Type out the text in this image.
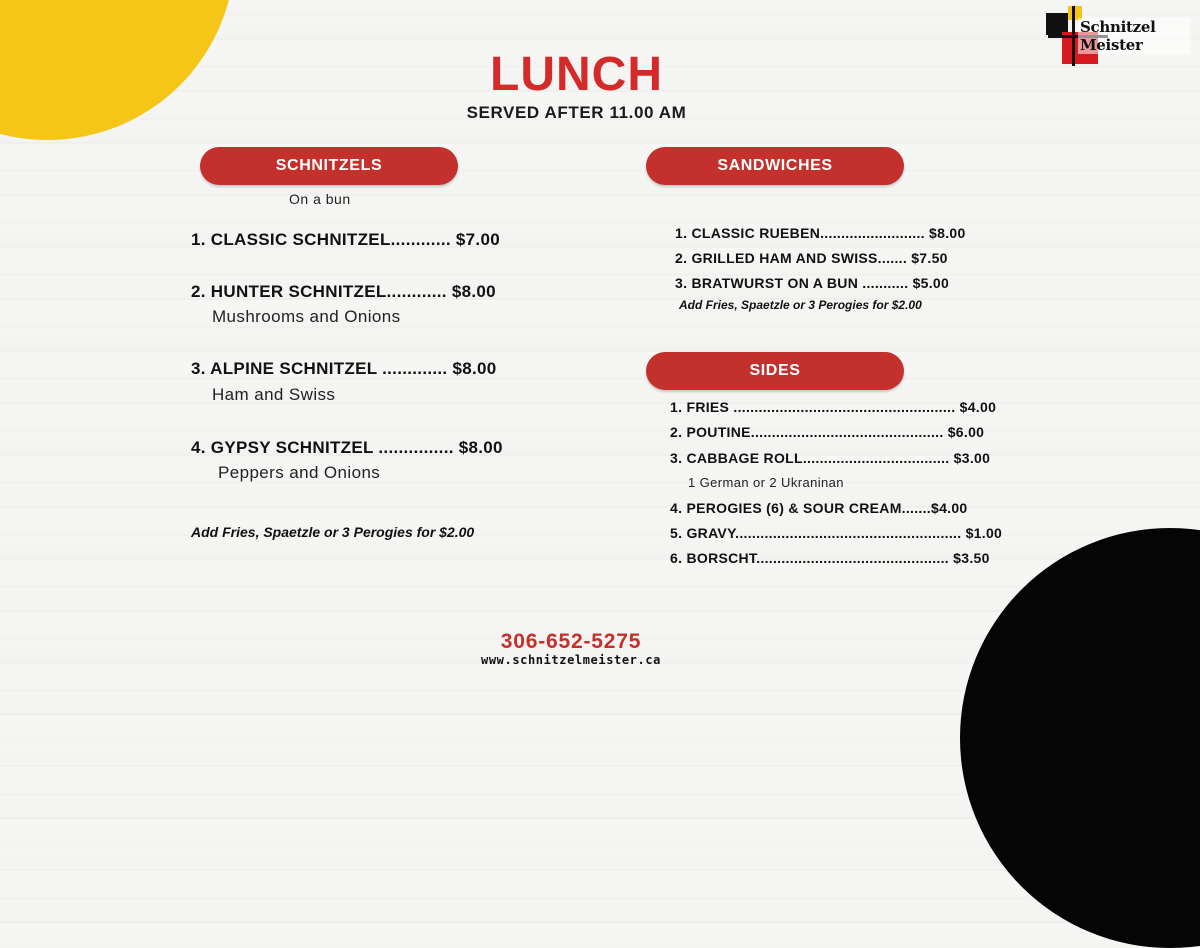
Schnitzel Meister
LUNCH
SERVED AFTER 11.00 AM
SCHNITZELS
On a bun
1. CLASSIC SCHNITZEL............ $7.00
2. HUNTER SCHNITZEL............ $8.00
Mushrooms and Onions
3. ALPINE SCHNITZEL ............. $8.00
Ham and Swiss
4. GYPSY SCHNITZEL ............... $8.00
Peppers and Onions
Add Fries, Spaetzle or 3 Perogies for $2.00
SANDWICHES
1. CLASSIC RUEBEN......................... $8.00
2. GRILLED HAM AND SWISS....... $7.50
3. BRATWURST ON A BUN ........... $5.00
Add Fries, Spaetzle or 3 Perogies for $2.00
SIDES
1. FRIES ..................................................... $4.00
2. POUTINE.............................................. $6.00
3. CABBAGE ROLL................................... $3.00
1 German or 2 Ukraninan
4. PEROGIES (6) & SOUR CREAM.......$4.00
5. GRAVY...................................................... $1.00
6. BORSCHT.............................................. $3.50
306-652-5275
www.schnitzelmeister.ca
